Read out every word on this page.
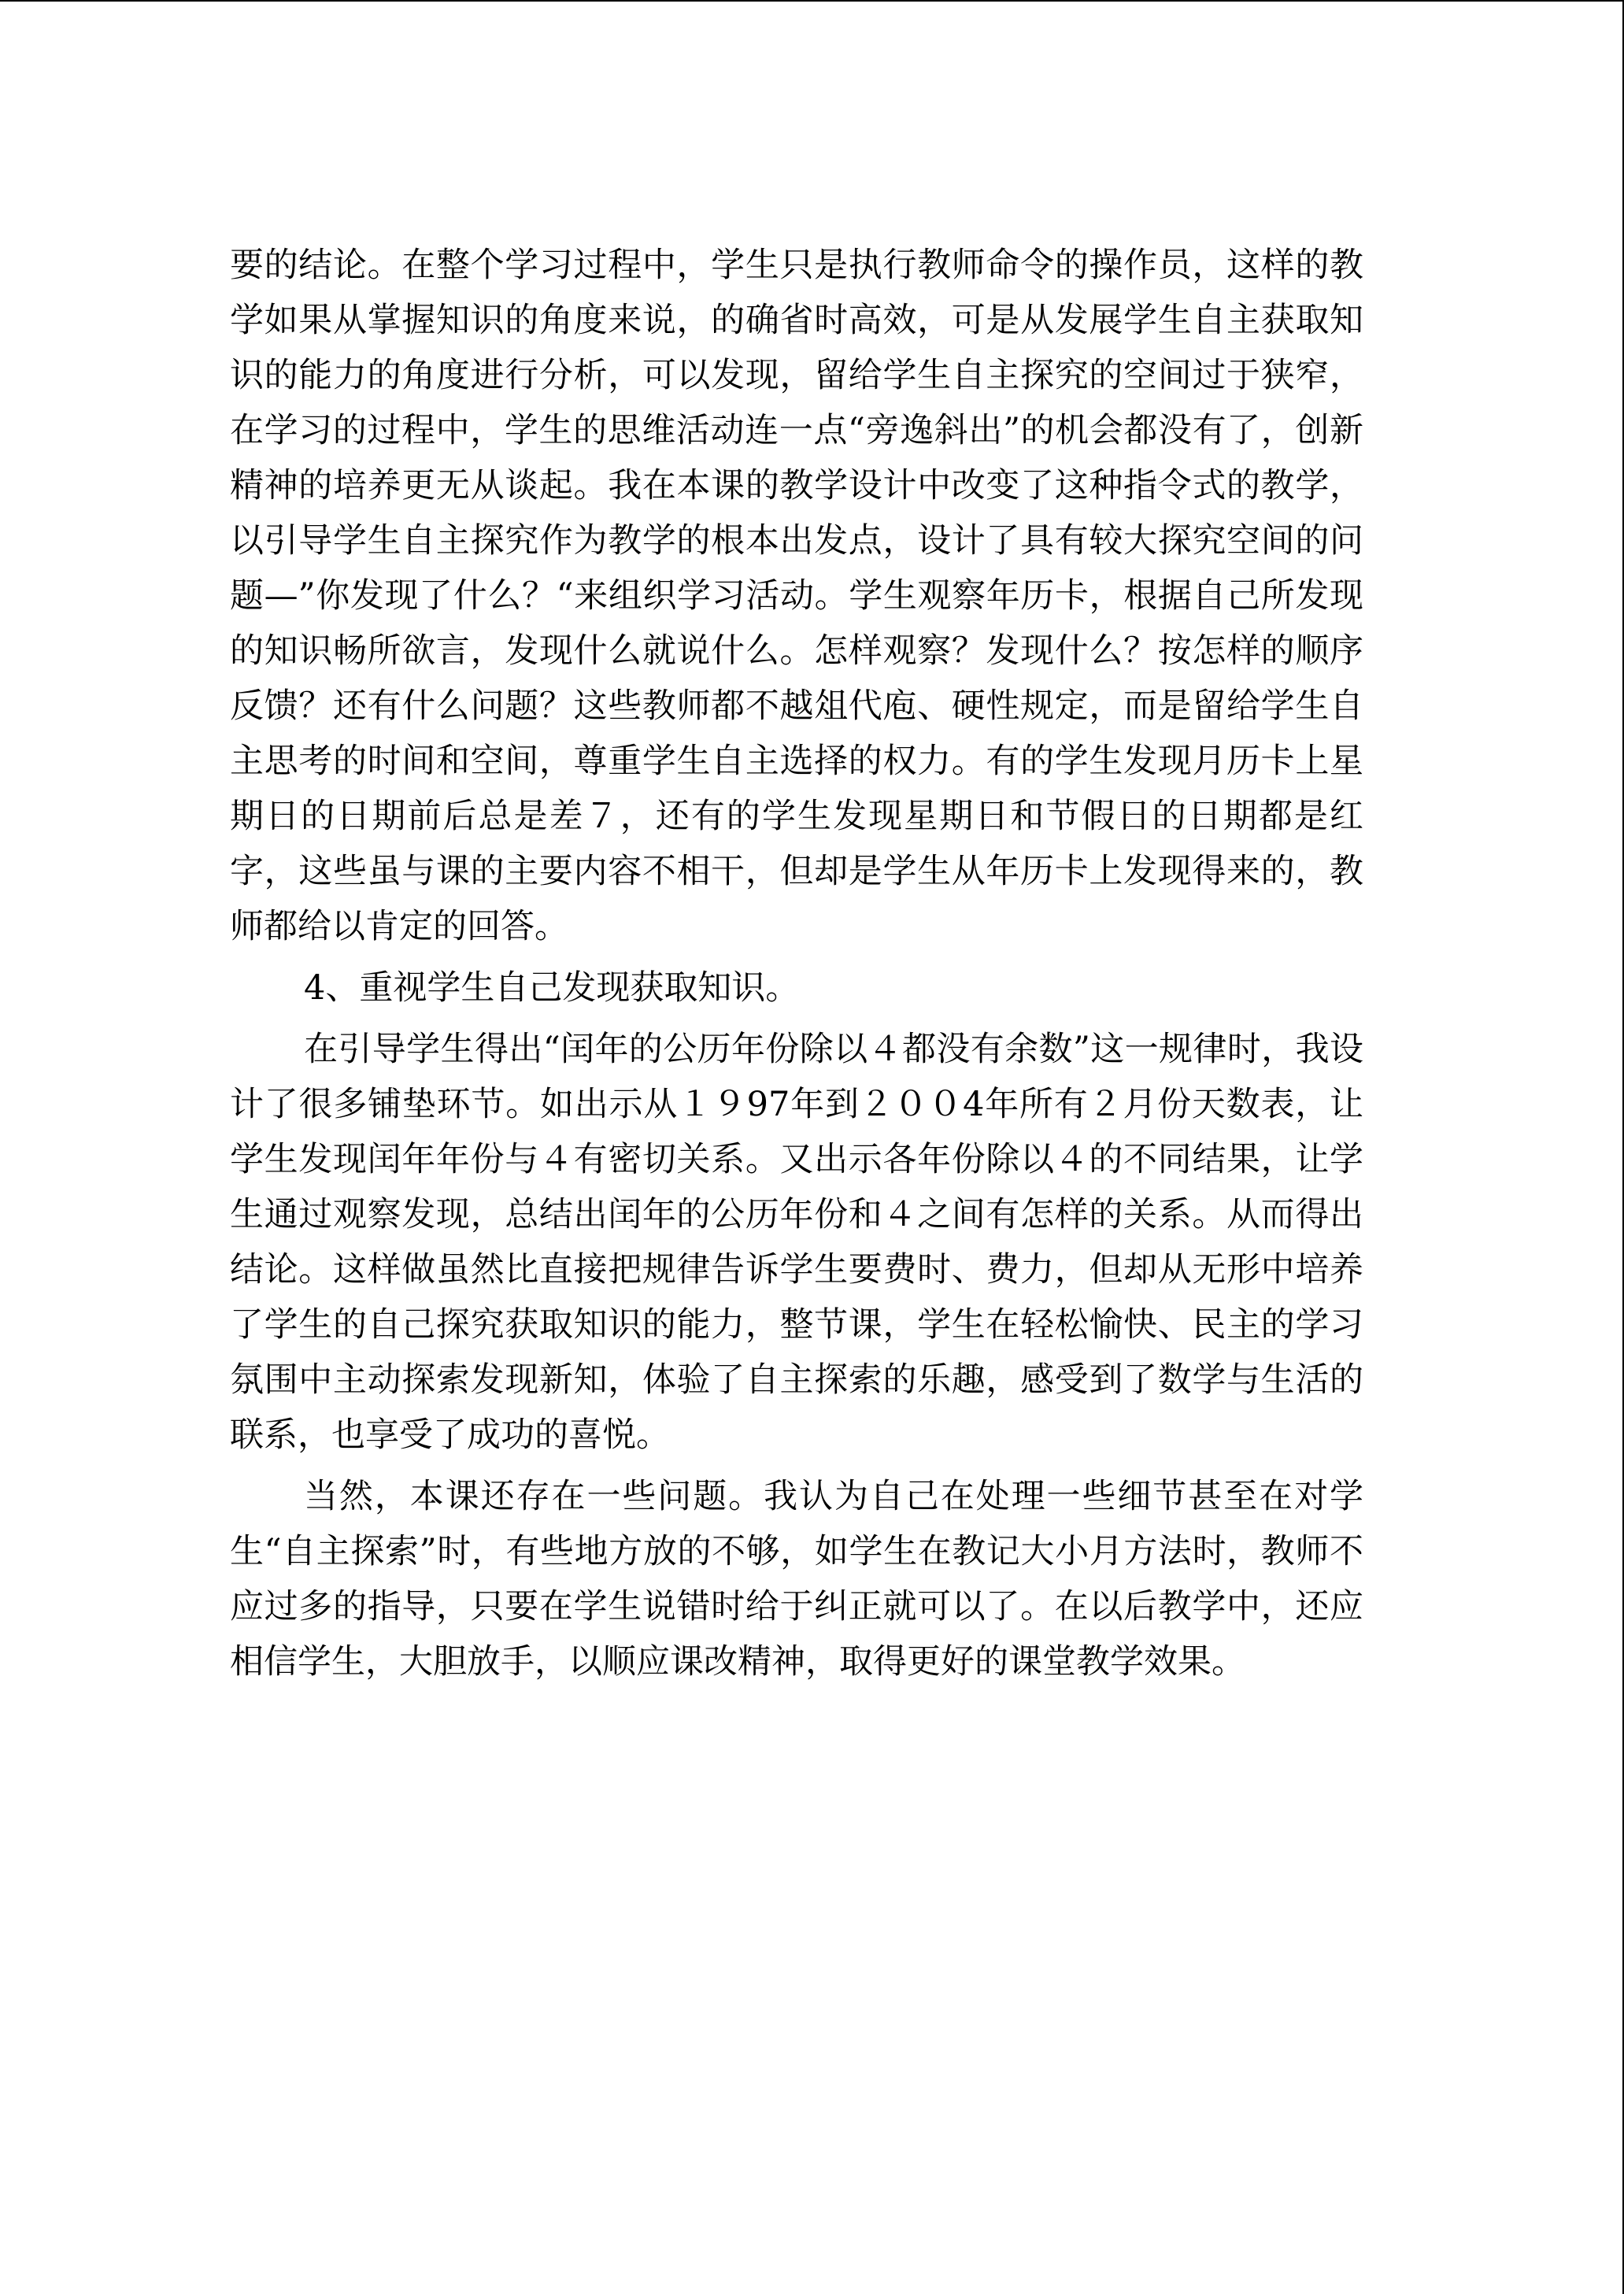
要的结论。在整个学习过程中，学生只是执行教师命令的操作员，这样的教学如果从掌握知识的角度来说，的确省时高效，可是从发展学生自主获取知识的能力的角度进行分析，可以发现，留给学生自主探究的空间过于狭窄，在学习的过程中，学生的思维活动连一点“旁逸斜出”的机会都没有了，创新精神的培养更无从谈起。我在本课的教学设计中改变了这种指令式的教学，以引导学生自主探究作为教学的根本出发点，设计了具有较大探究空间的问题—”你发现了什么？“来组织学习活动。学生观察年历卡，根据自己所发现的知识畅所欲言，发现什么就说什么。怎样观察？发现什么？按怎样的顺序反馈？还有什么问题？这些教师都不越俎代庖、硬性规定，而是留给学生自主思考的时间和空间，尊重学生自主选择的权力。有的学生发现月历卡上星期日的日期前后总是差７，还有的学生发现星期日和节假日的日期都是红字，这些虽与课的主要内容不相干，但却是学生从年历卡上发现得来的，教师都给以肯定的回答。

4、重视学生自己发现获取知识。

在引导学生得出“闰年的公历年份除以４都没有余数”这一规律时，我设计了很多铺垫环节。如出示从１９97年到２００4年所有２月份天数表，让学生发现闰年年份与４有密切关系。又出示各年份除以４的不同结果，让学生通过观察发现，总结出闰年的公历年份和４之间有怎样的关系。从而得出结论。这样做虽然比直接把规律告诉学生要费时、费力，但却从无形中培养了学生的自己探究获取知识的能力，整节课，学生在轻松愉快、民主的学习氛围中主动探索发现新知，体验了自主探索的乐趣，感受到了数学与生活的联系，也享受了成功的喜悦。

当然，本课还存在一些问题。我认为自己在处理一些细节甚至在对学生“自主探索”时，有些地方放的不够，如学生在教记大小月方法时，教师不应过多的指导，只要在学生说错时给于纠正就可以了。在以后教学中，还应相信学生，大胆放手，以顺应课改精神，取得更好的课堂教学效果。
